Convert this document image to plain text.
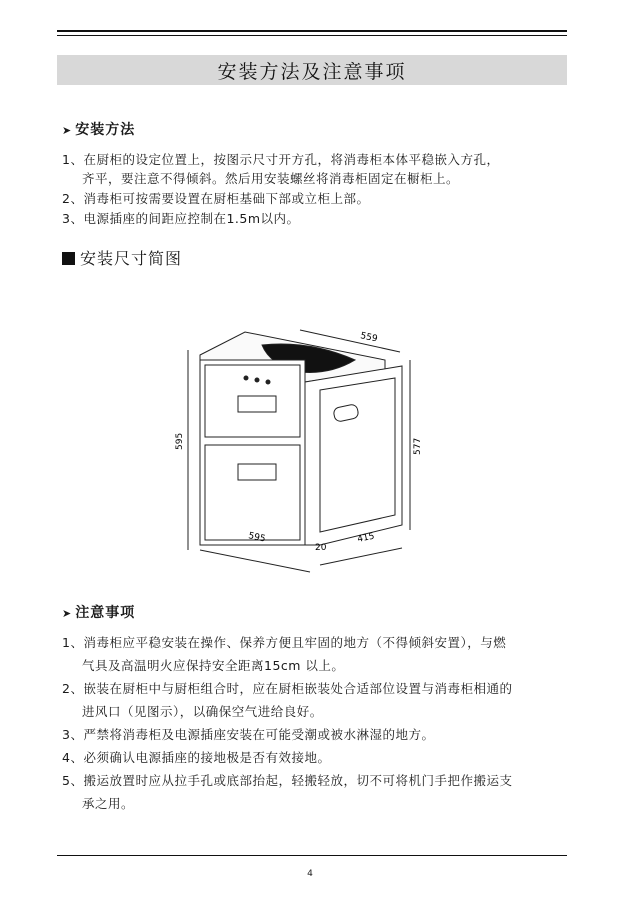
安装方法及注意事项
➤ 安装方法
1、在厨柜的设定位置上，按图示尺寸开方孔，将消毒柜本体平稳嵌入方孔，
齐平，要注意不得倾斜。然后用安装螺丝将消毒柜固定在橱柜上。
2、消毒柜可按需要设置在厨柜基础下部或立柜上部。
3、电源插座的间距应控制在1.5m以内。
安装尺寸简图
559
595	577
595
20
415
➤ 注意事项
1、消毒柜应平稳安装在操作、保养方便且牢固的地方（不得倾斜安置），与燃
气具及高温明火应保持安全距离15cm 以上。
2、嵌装在厨柜中与厨柜组合时，应在厨柜嵌装处合适部位设置与消毒柜相通的
进风口（见图示），以确保空气进给良好。
3、严禁将消毒柜及电源插座安装在可能受潮或被水淋湿的地方。
4、必须确认电源插座的接地极是否有效接地。
5、搬运放置时应从拉手孔或底部抬起，轻搬轻放，切不可将机门手把作搬运支
承之用。
4
